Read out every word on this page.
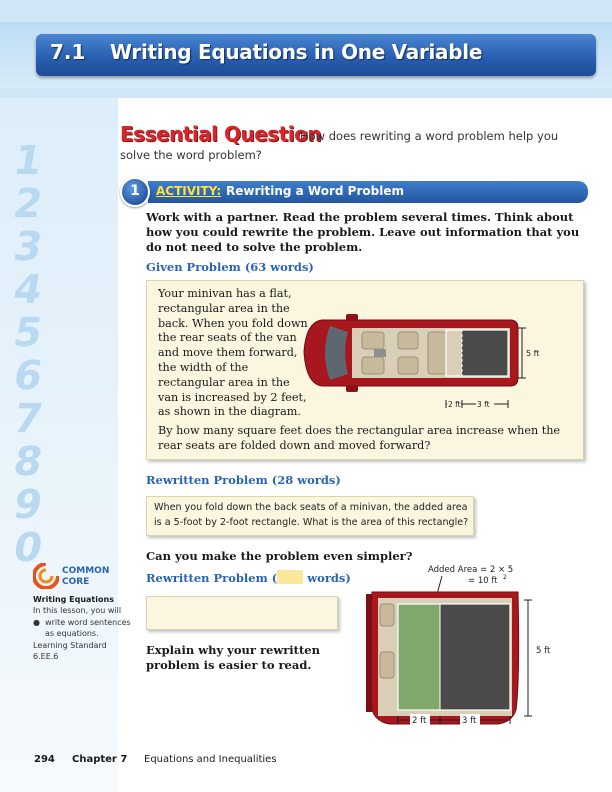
1
2
3
4
5
6
7
8
9
0
7.1 Writing Equations in One Variable
Essential Question
How does rewriting a word problem help you
solve the word problem?
1	ACTIVITY: Rewriting a Word Problem
Work with a partner. Read the problem several times. Think about how you could rewrite the problem. Leave out information that you do not need to solve the problem.
Given Problem (63 words)
Your minivan has a flat, rectangular area in the back. When you fold down the rear seats of the van and move them forward, the width of the rectangular area in the van is increased by 2 feet, as shown in the diagram.
5 ft
2 ft 3 ft
By how many square feet does the rectangular area increase when the rear seats are folded down and moved forward?
Rewritten Problem (28 words)
When you fold down the back seats of a minivan, the added area is a 5-foot by 2-foot rectangle. What is the area of this rectangle?
Can you make the problem even simpler?
Rewritten Problem (	words)
Explain why your rewritten problem is easier to read.
Added Area = 2 × 5
= 10 ft 2
5 ft
2 ft	3 ft
COMMON
CORE
Writing Equations
In this lesson, you will
● write word sentences
as equations.
Learning Standard
6.EE.6
294 Chapter 7 Equations and Inequalities
